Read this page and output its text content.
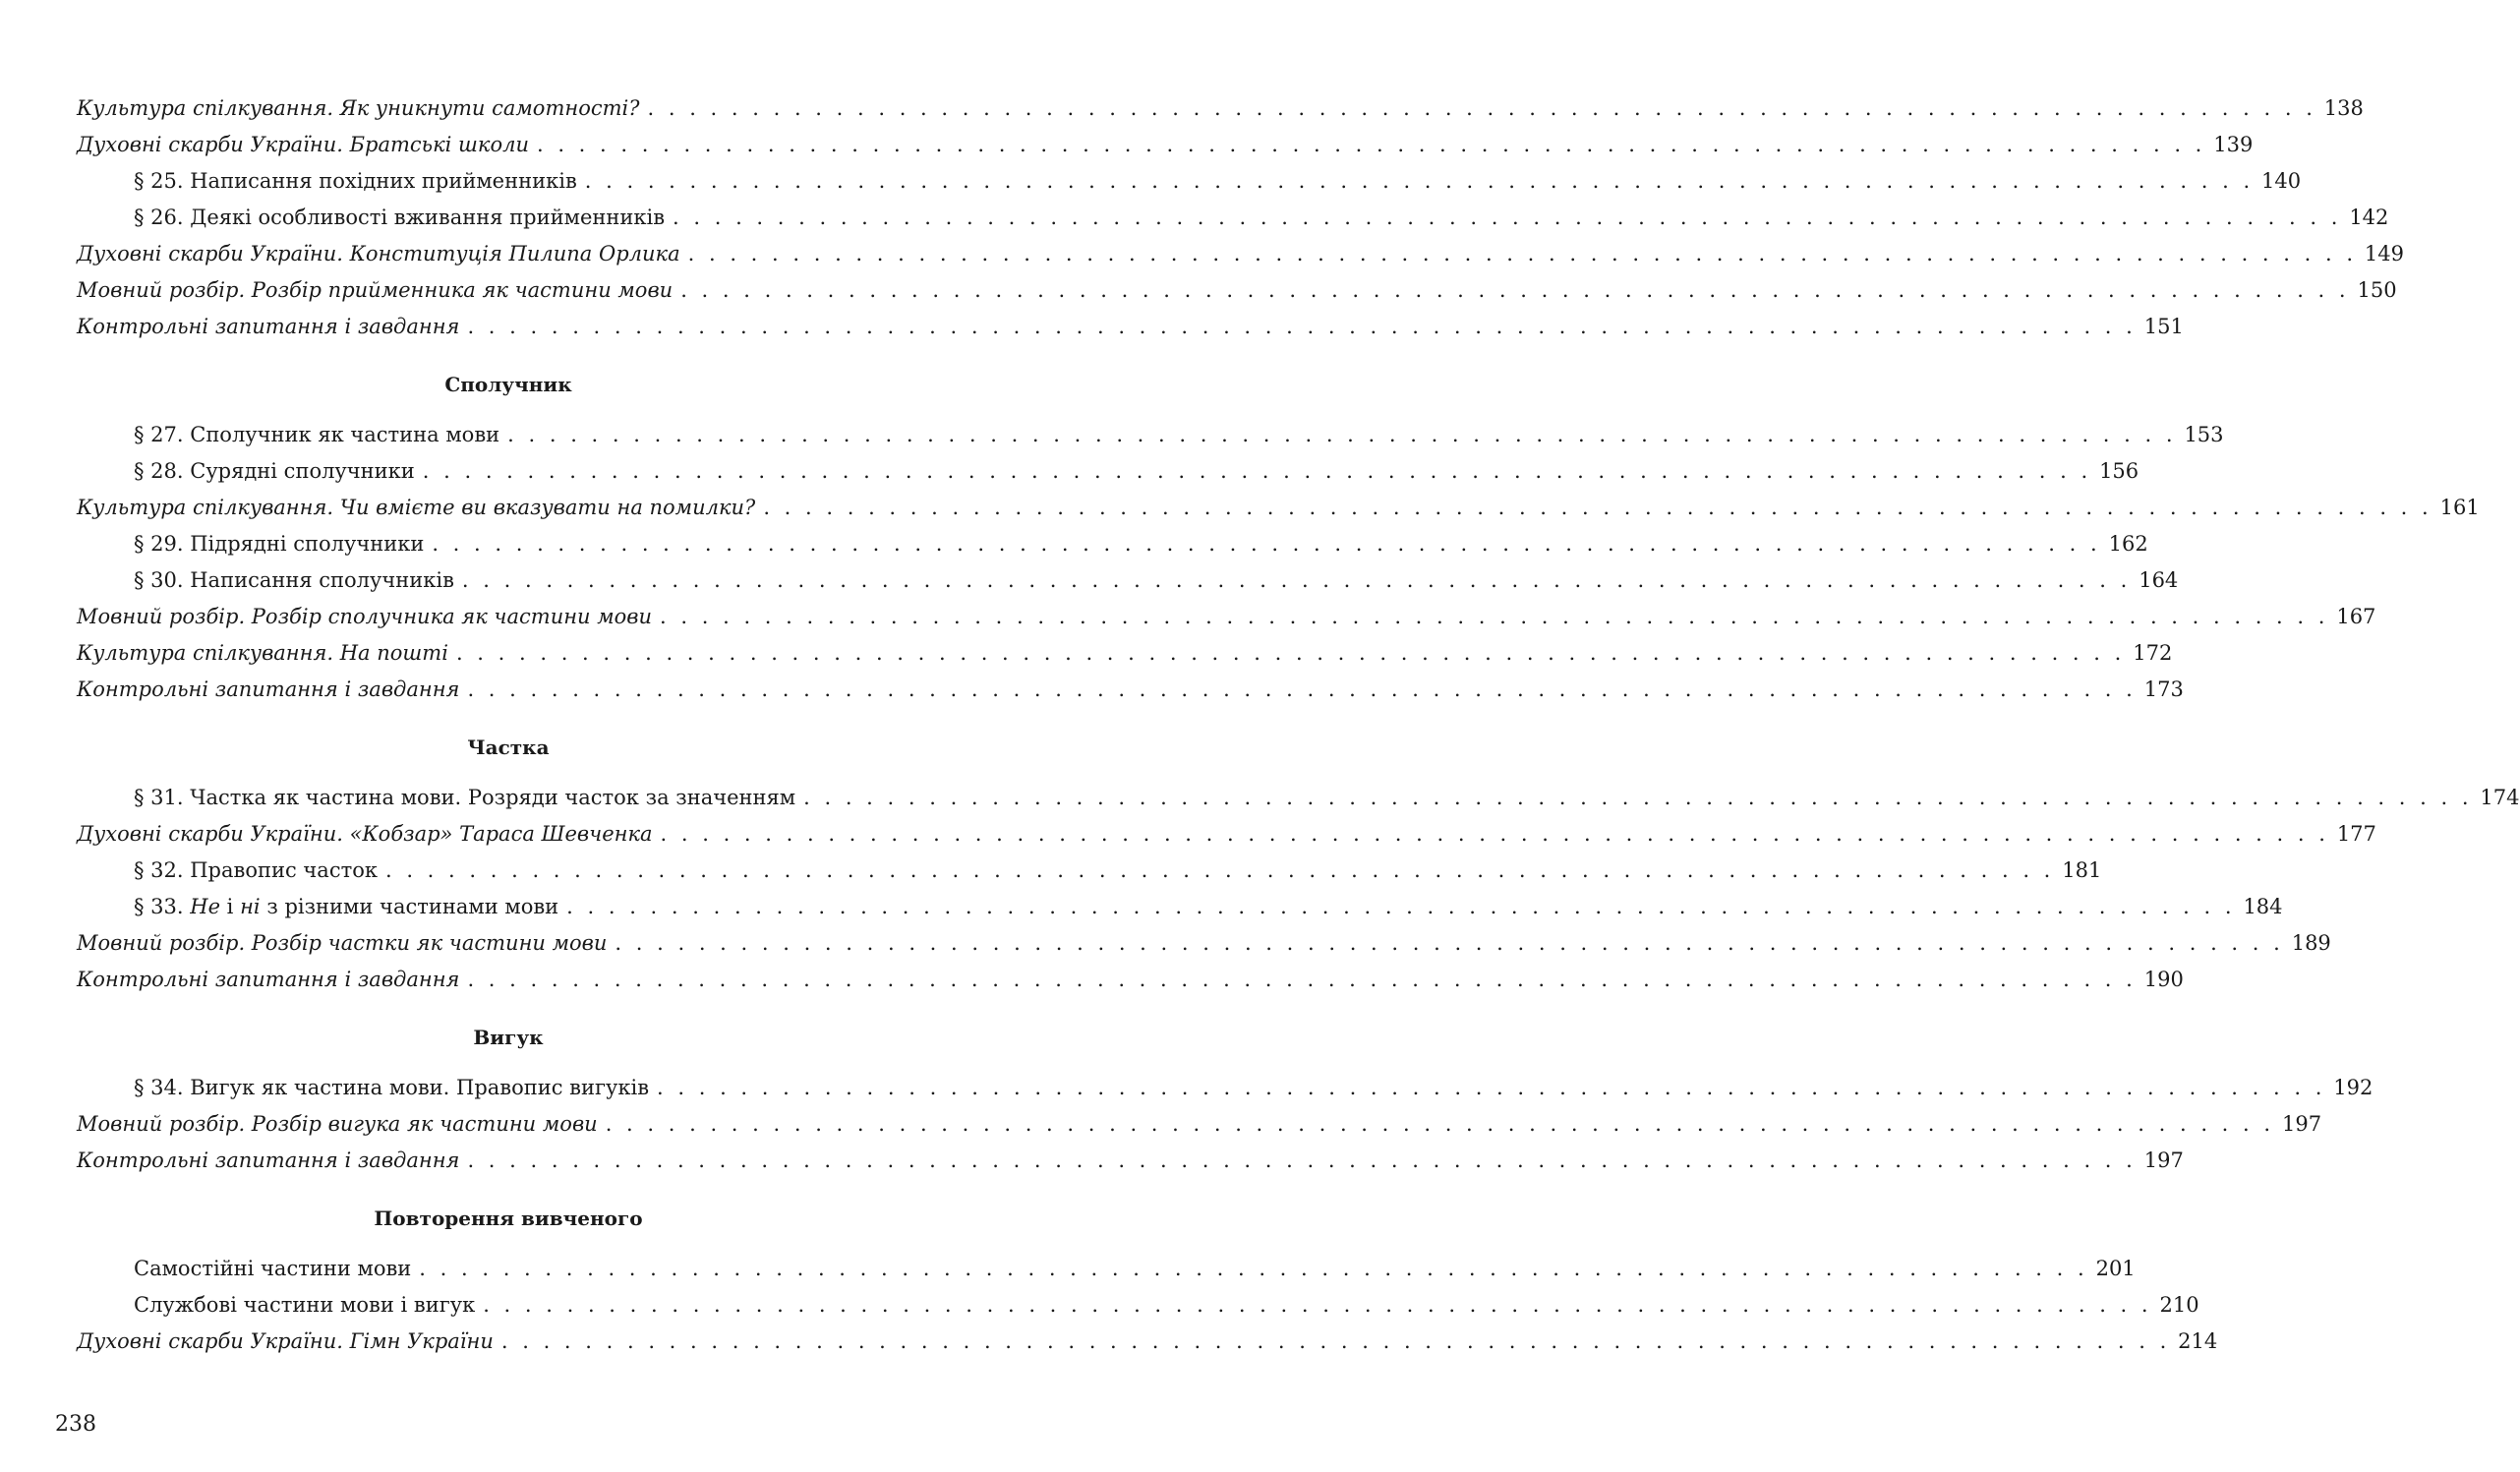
Культура спілкування. Як уникнути самотності? . . .	138
Духовні скарби України. Братські школи . . .	139
§ 25. Написання похідних прийменників . . .	140
§ 26. Деякі особливості вживання прийменників . . .	142
Духовні скарби України. Конституція Пилипа Орлика . . .	149
Мовний розбір. Розбір прийменника як частини мови . . .	150
Контрольні запитання і завдання . . .	151
Сполучник
§ 27. Сполучник як частина мови . . .	153
§ 28. Сурядні сполучники . . .	156
Культура спілкування. Чи вмієте ви вказувати на помилки? . . .	161
§ 29. Підрядні сполучники . . .	162
§ 30. Написання сполучників . . .	164
Мовний розбір. Розбір сполучника як частини мови . . .	167
Культура спілкування. На пошті . . .	172
Контрольні запитання і завдання . . .	173
Частка
§ 31. Частка як частина мови. Розряди часток за значенням . . .	174
Духовні скарби України. «Кобзар» Тараса Шевченка . . .	177
§ 32. Правопис часток . . .	181
§ 33. Не і ні з різними частинами мови . . .	184
Мовний розбір. Розбір частки як частини мови . . .	189
Контрольні запитання і завдання . . .	190
Вигук
§ 34. Вигук як частина мови. Правопис вигуків . . .	192
Мовний розбір. Розбір вигука як частини мови . . .	197
Контрольні запитання і завдання . . .	197
Повторення вивченого
Самостійні частини мови . . .	201
Службові частини мови і вигук . . .	210
Духовні скарби України. Гімн України . . .	214
238
